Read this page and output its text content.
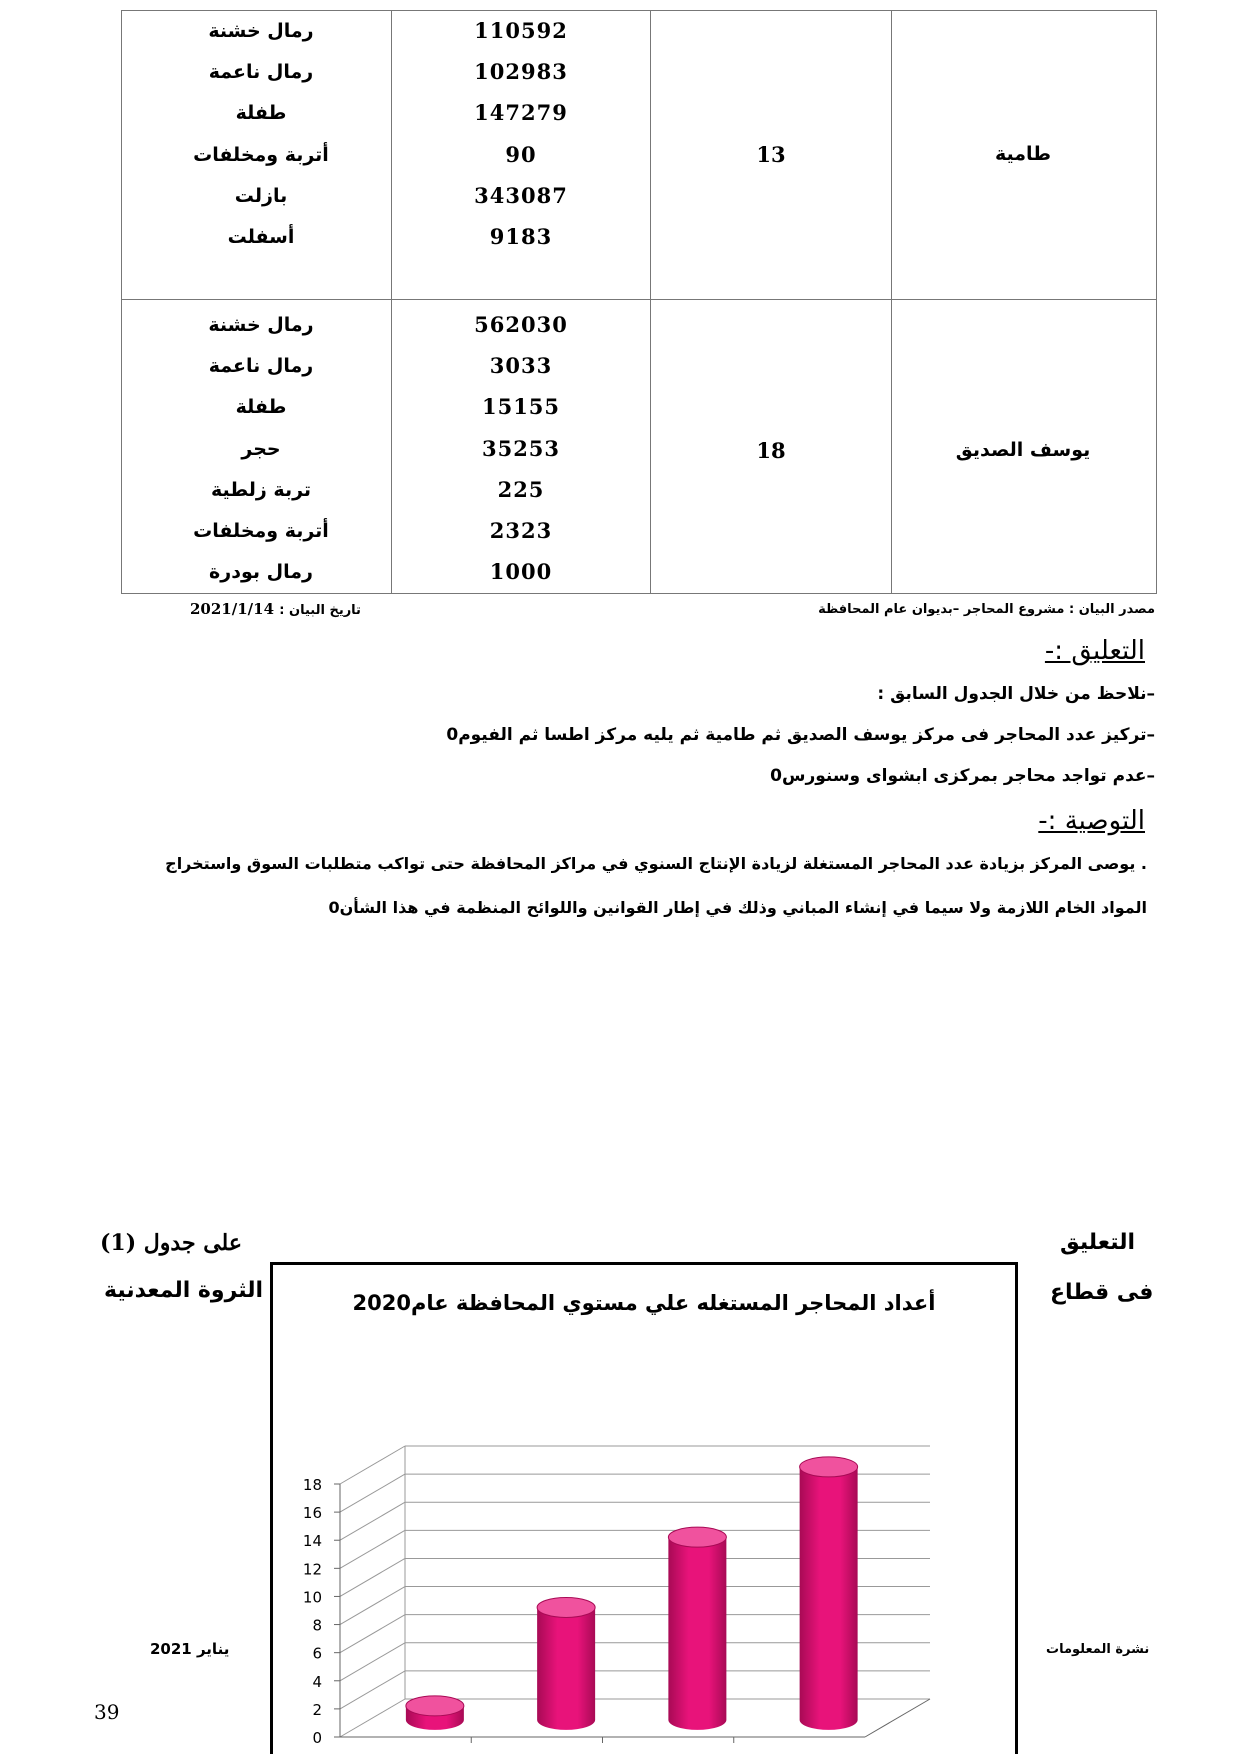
طامية
13
110592
102983
147279
90
343087
9183
رمال خشنة
رمال ناعمة
طفلة
أتربة ومخلفات
بازلت
أسفلت
يوسف الصديق
18
562030
3033
15155
35253
225
2323
1000
رمال خشنة
رمال ناعمة
طفلة
حجر
تربة زلطية
أتربة ومخلفات
رمال بودرة
مصدر البيان : مشروع المحاجر –بديوان عام المحافظة
تاريخ البيان : 2021/1/14
التعليق :-
–نلاحظ من خلال الجدول السابق :
–تركيز عدد المحاجر فى مركز يوسف الصديق ثم طامية ثم يليه مركز اطسا ثم الفيوم0
–عدم تواجد محاجر بمركزى ابشواى وسنورس0
التوصية :-
. يوصى المركز بزيادة عدد المحاجر المستغلة لزيادة الإنتاج السنوي في مراكز المحافظة حتى تواكب متطلبات السوق واستخراج
المواد الخام اللازمة ولا سيما في إنشاء المباني وذلك في إطار القوانين واللوائح المنظمة في هذا الشأن0
على جدول (1)
الثروة المعدنية
التعليق
فى قطاع
يناير 2021	نشرة المعلومات
39
أعداد المحاجر المستغله علي مستوي المحافظة عام2020
0
2
4
6
8
10
12
14
16
18
